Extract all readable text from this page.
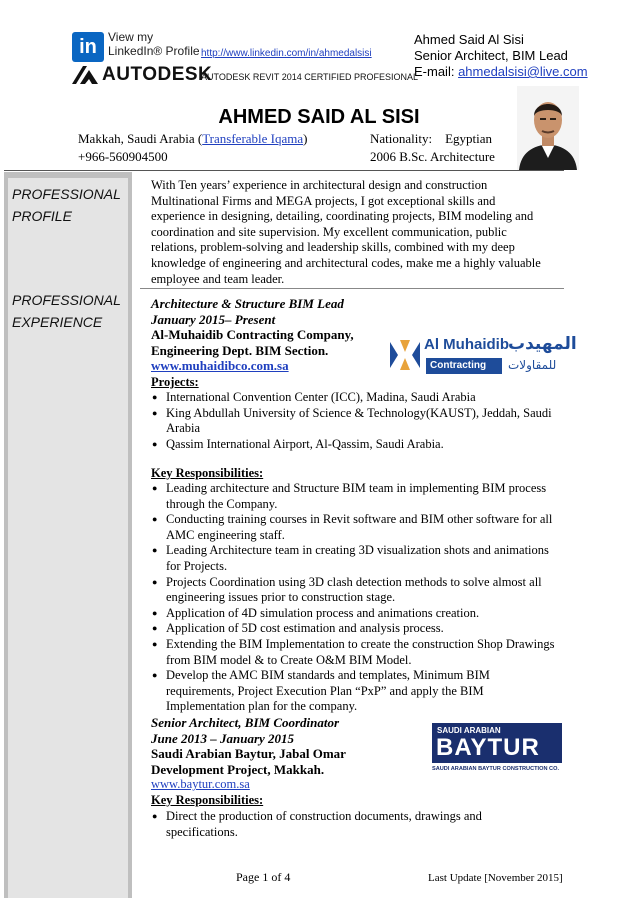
in View my
LinkedIn® Profile
AUTODESK
http://www.linkedin.com/in/ahmedalsisi
AUTODESK REVIT 2014 CERTIFIED PROFESIONAL
Ahmed Said Al Sisi
Senior Architect, BIM Lead
E-mail: ahmedalsisi@live.com
AHMED SAID AL SISI
Makkah, Saudi Arabia (Transferable Iqama)
+966-560904500
Nationality:    Egyptian
2006 B.Sc. Architecture
PROFESSIONAL
PROFILE
PROFESSIONAL
EXPERIENCE
With Ten years’ experience in architectural design and construction Multinational Firms and MEGA projects, I got exceptional skills and experience in designing, detailing, coordinating projects, BIM modeling and coordination and site supervision. My excellent communication, public relations, problem-solving and leadership skills, combined with my deep knowledge of engineering and architectural codes, make me a highly valuable employee and team leader.
Architecture & Structure BIM Lead
January 2015– Present
Al-Muhaidib Contracting Company,
Engineering Dept. BIM Section.
www.muhaidibco.com.sa
Projects:
Al Muhaidib
Contracting
المهيدب
للمقاولات
● International Convention Center (ICC), Madina, Saudi Arabia
● King Abdullah University of Science & Technology(KAUST), Jeddah, Saudi Arabia
● Qassim International Airport, Al-Qassim, Saudi Arabia.
Key Responsibilities:
● Leading architecture and Structure BIM team in implementing BIM process through the Company.
● Conducting training courses in Revit software and BIM other software for all AMC engineering staff.
● Leading Architecture team in creating 3D visualization shots and animations for Projects.
● Projects Coordination using 3D clash detection methods to solve almost all engineering issues prior to construction stage.
● Application of 4D simulation process and animations creation.
● Application of 5D cost estimation and analysis process.
● Extending the BIM Implementation to create the construction Shop Drawings from BIM model & to Create O&M BIM Model.
● Develop the AMC BIM standards and templates, Minimum BIM requirements, Project Execution Plan “PxP” and apply the BIM Implementation plan for the company.
Senior Architect, BIM Coordinator
June 2013 – January 2015
Saudi Arabian Baytur, Jabal Omar
Development Project, Makkah.
www.baytur.com.sa
Key Responsibilities:
SAUDI ARABIAN
BAYTUR
SAUDI ARABIAN BAYTUR CONSTRUCTION CO.
● Direct the production of construction documents, drawings and specifications.
Page 1 of 4	Last Update [November 2015]
